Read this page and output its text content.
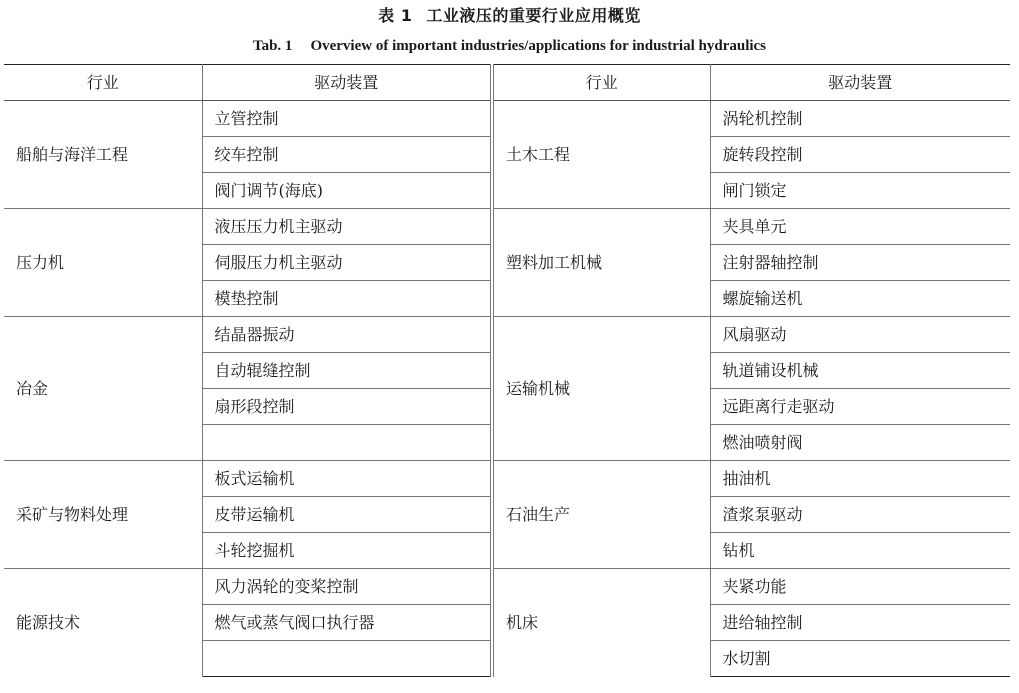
表 1 工业液压的重要行业应用概览
Tab. 1 Overview of important industries/applications for industrial hydraulics
行业	驱动装置	行业	驱动装置
船舶与海洋工程	立管控制	土木工程	涡轮机控制
	绞车控制		旋转段控制
	阀门调节(海底)		闸门锁定
压力机	液压压力机主驱动	塑料加工机械	夹具单元
	伺服压力机主驱动		注射器轴控制
	模垫控制		螺旋输送机
冶金	结晶器振动	运输机械	风扇驱动
	自动辊缝控制		轨道铺设机械
	扇形段控制		远距离行走驱动
			燃油喷射阀
采矿与物料处理	板式运输机	石油生产	抽油机
	皮带运输机		渣浆泵驱动
	斗轮挖掘机		钻机
能源技术	风力涡轮的变桨控制	机床	夹紧功能
	燃气或蒸气阀口执行器		进给轴控制
			水切割
